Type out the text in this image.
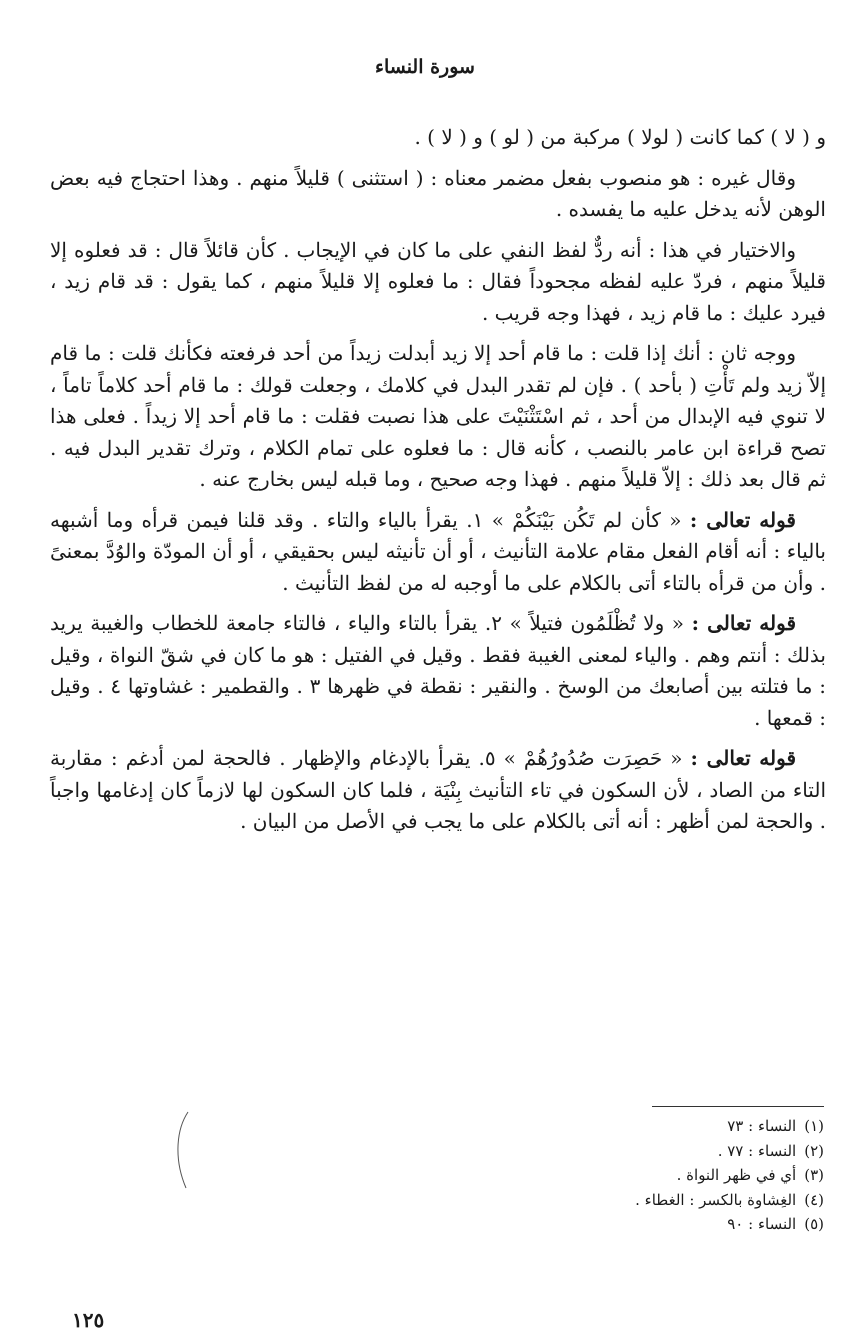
سورة النساء

و ( لا ) كما كانت ( لولا ) مركبة من ( لو ) و ( لا ) .

وقال غيره : هو منصوب بفعل مضمر معناه : ( استثنى ) قليلاً منهم . وهذا احتجاج فيه بعض الوهن لأنه يدخل عليه ما يفسده .

والاختيار في هذا : أنه ردٌّ لفظ النفي على ما كان في الإيجاب . كأن قائلاً قال : قد فعلوه إلا قليلاً منهم ، فردّ عليه لفظه مجحوداً فقال : ما فعلوه إلا قليلاً منهم ، كما يقول : قد قام زيد ، فيرد عليك : ما قام زيد ، فهذا وجه قريب .

ووجه ثان : أنك إذا قلت : ما قام أحد إلا زيد أبدلت زيداً من أحد فرفعته فكأنك قلت : ما قام إلاّ زيد ولم تَأْتِ ( بأحد ) . فإن لم تقدر البدل في كلامك ، وجعلت قولك : ما قام أحد كلاماً تاماً ، لا تنوي فيه الإبدال من أحد ، ثم اسْتَثْنَيْتَ على هذا نصبت فقلت : ما قام أحد إلا زيداً . فعلى هذا تصح قراءة ابن عامر بالنصب ، كأنه قال : ما فعلوه على تمام الكلام ، وترك تقدير البدل فيه . ثم قال بعد ذلك : إلاّ قليلاً منهم . فهذا وجه صحيح ، وما قبله ليس بخارج عنه .

قوله تعالى : « كأن لم تَكُن بَيْنَكُمْ » ١. يقرأ بالياء والتاء . وقد قلنا فيمن قرأه وما أشبهه بالياء : أنه أقام الفعل مقام علامة التأنيث ، أو أن تأنيثه ليس بحقيقي ، أو أن المودّة والوُدَّ بمعنىً . وأن من قرأه بالتاء أتى بالكلام على ما أوجبه له من لفظ التأنيث .

قوله تعالى : « ولا تُظْلَمُون فتيلاً » ٢. يقرأ بالتاء والياء ، فالتاء جامعة للخطاب والغيبة يريد بذلك : أنتم وهم . والياء لمعنى الغيبة فقط . وقيل في الفتيل : هو ما كان في شقّ النواة ، وقيل : ما فتلته بين أصابعك من الوسخ . والنقير : نقطة في ظهرها ٣ . والقطمير : غشاوتها ٤ . وقيل : قمعها .

قوله تعالى : « حَصِرَت صُدُورُهُمْ » ٥. يقرأ بالإدغام والإظهار . فالحجة لمن أدغم : مقاربة التاء من الصاد ، لأن السكون في تاء التأنيث بِنْيَة ، فلما كان السكون لها لازماً كان إدغامها واجباً . والحجة لمن أظهر : أنه أتى بالكلام على ما يجب في الأصل من البيان .

(١)النساء : ٧٣
(٢)النساء : ٧٧ .
(٣)أي في ظهر النواة .
(٤)الغِشاوة بالكسر : الغطاء .
(٥)النساء : ٩٠
١٢٥
